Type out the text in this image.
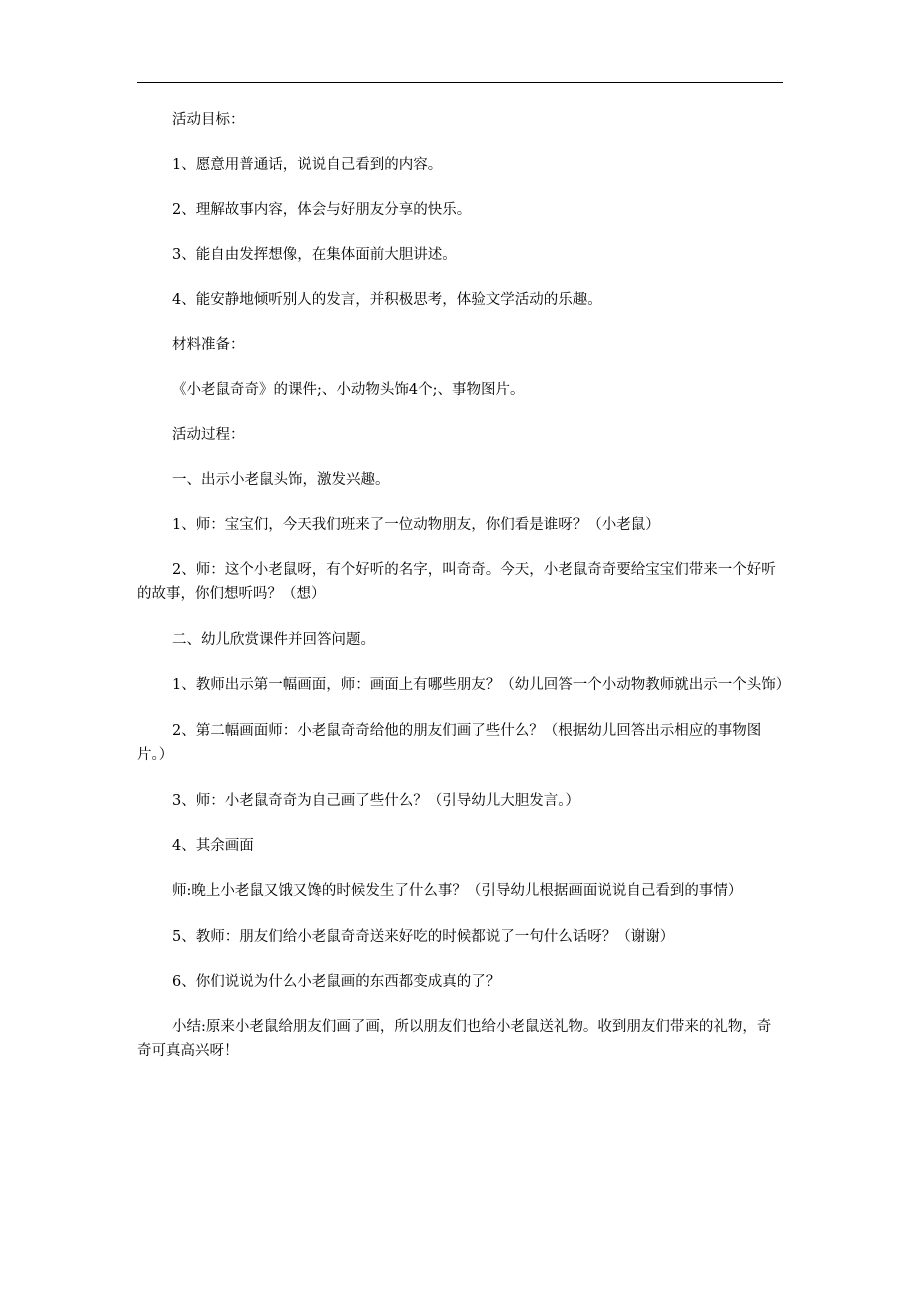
活动目标：

1、愿意用普通话，说说自己看到的内容。

2、理解故事内容，体会与好朋友分享的快乐。

3、能自由发挥想像，在集体面前大胆讲述。

4、能安静地倾听别人的发言，并积极思考，体验文学活动的乐趣。

材料准备：

《小老鼠奇奇》的课件;、小动物头饰4个;、事物图片。

活动过程：

一、出示小老鼠头饰，激发兴趣。

1、师：宝宝们，今天我们班来了一位动物朋友，你们看是谁呀？（小老鼠）

2、师：这个小老鼠呀，有个好听的名字，叫奇奇。今天，小老鼠奇奇要给宝宝们带来一个好听的故事，你们想听吗？（想）

二、幼儿欣赏课件并回答问题。

1、教师出示第一幅画面，师：画面上有哪些朋友？（幼儿回答一个小动物教师就出示一个头饰）

2、第二幅画面师：小老鼠奇奇给他的朋友们画了些什么？（根据幼儿回答出示相应的事物图片。）

3、师：小老鼠奇奇为自己画了些什么？（引导幼儿大胆发言。）

4、其余画面

师:晚上小老鼠又饿又馋的时候发生了什么事？（引导幼儿根据画面说说自己看到的事情）

5、教师：朋友们给小老鼠奇奇送来好吃的时候都说了一句什么话呀？（谢谢）

6、你们说说为什么小老鼠画的东西都变成真的了？

小结:原来小老鼠给朋友们画了画，所以朋友们也给小老鼠送礼物。收到朋友们带来的礼物，奇奇可真高兴呀！
